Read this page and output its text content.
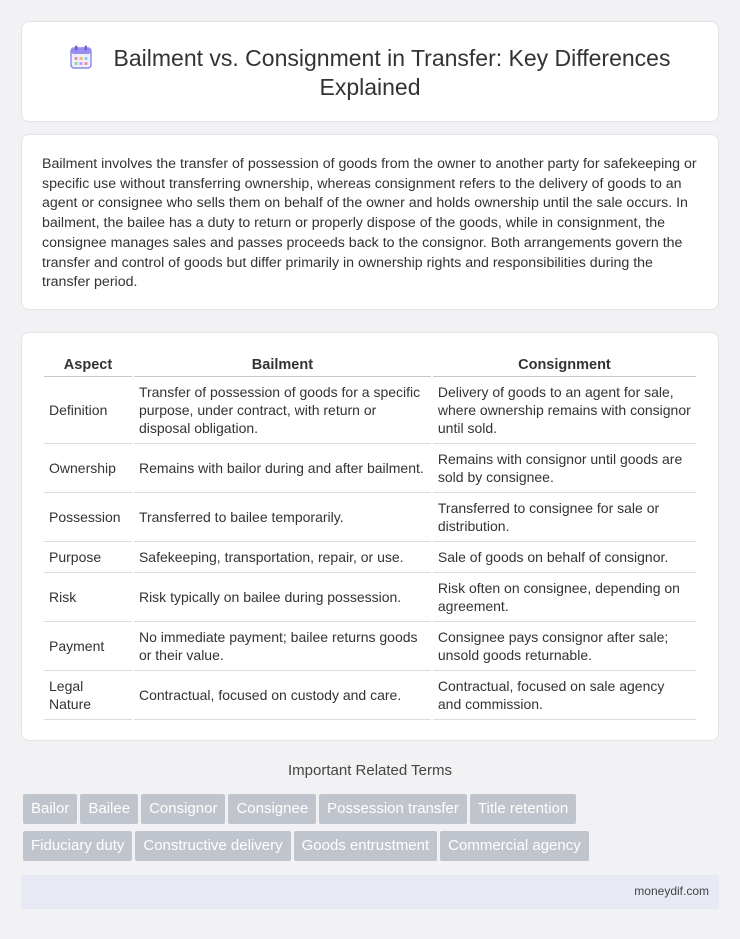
Bailment vs. Consignment in Transfer: Key Differences Explained

Bailment involves the transfer of possession of goods from the owner to another party for safekeeping or specific use without transferring ownership, whereas consignment refers to the delivery of goods to an agent or consignee who sells them on behalf of the owner and holds ownership until the sale occurs. In bailment, the bailee has a duty to return or properly dispose of the goods, while in consignment, the consignee manages sales and passes proceeds back to the consignor. Both arrangements govern the transfer and control of goods but differ primarily in ownership rights and responsibilities during the transfer period.

Aspect	Bailment	Consignment
Definition	Transfer of possession of goods for a specific purpose, under contract, with return or disposal obligation.	Delivery of goods to an agent for sale, where ownership remains with consignor until sold.
Ownership	Remains with bailor during and after bailment.	Remains with consignor until goods are sold by consignee.
Possession	Transferred to bailee temporarily.	Transferred to consignee for sale or distribution.
Purpose	Safekeeping, transportation, repair, or use.	Sale of goods on behalf of consignor.
Risk	Risk typically on bailee during possession.	Risk often on consignee, depending on agreement.
Payment	No immediate payment; bailee returns goods or their value.	Consignee pays consignor after sale; unsold goods returnable.
Legal Nature	Contractual, focused on custody and care.	Contractual, focused on sale agency and commission.
Important Related Terms
Bailor Bailee Consignor Consignee Possession transfer Title retention
Fiduciary duty Constructive delivery Goods entrustment Commercial agency
moneydif.com
